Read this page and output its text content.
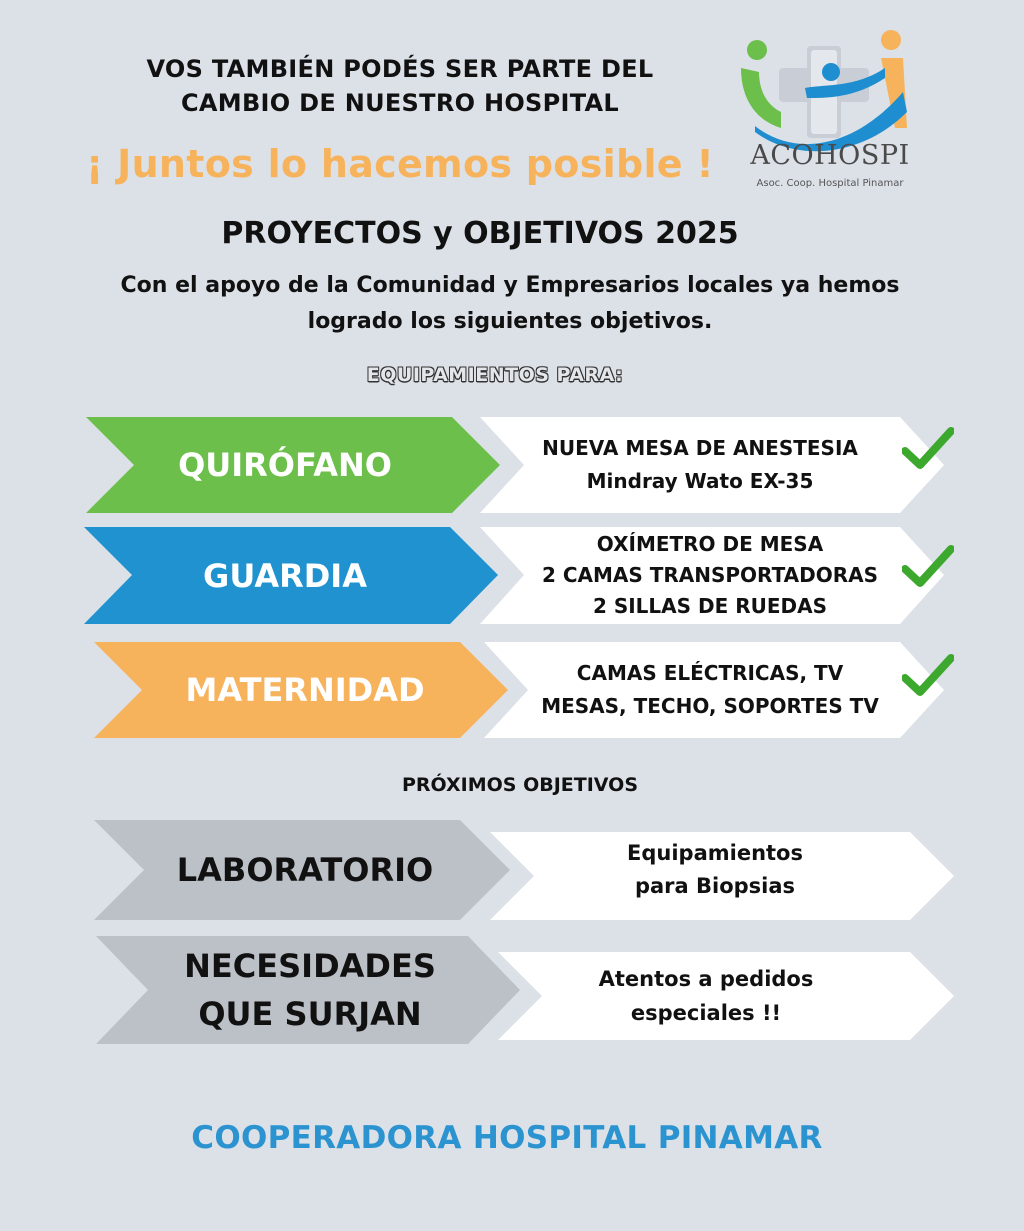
VOS TAMBIÉN PODÉS SER PARTE DEL
CAMBIO DE NUESTRO HOSPITAL
¡ Juntos lo hacemos posible !	ACOHOSPI
Asoc. Coop. Hospital Pinamar
PROYECTOS y OBJETIVOS 2025
Con el apoyo de la Comunidad y Empresarios locales ya hemos
logrado los siguientes objetivos.
EQUIPAMIENTOS PARA:
QUIRÓFANO	NUEVA MESA DE ANESTESIA
Mindray Wato EX-35
GUARDIA
OXÍMETRO DE MESA
2 CAMAS TRANSPORTADORAS
2 SILLAS DE RUEDAS
MATERNIDAD	CAMAS ELÉCTRICAS, TV
MESAS, TECHO, SOPORTES TV
PRÓXIMOS OBJETIVOS
LABORATORIO	Equipamientos
para Biopsias
NECESIDADES
QUE SURJAN
Atentos a pedidos
especiales !!
COOPERADORA HOSPITAL PINAMAR
